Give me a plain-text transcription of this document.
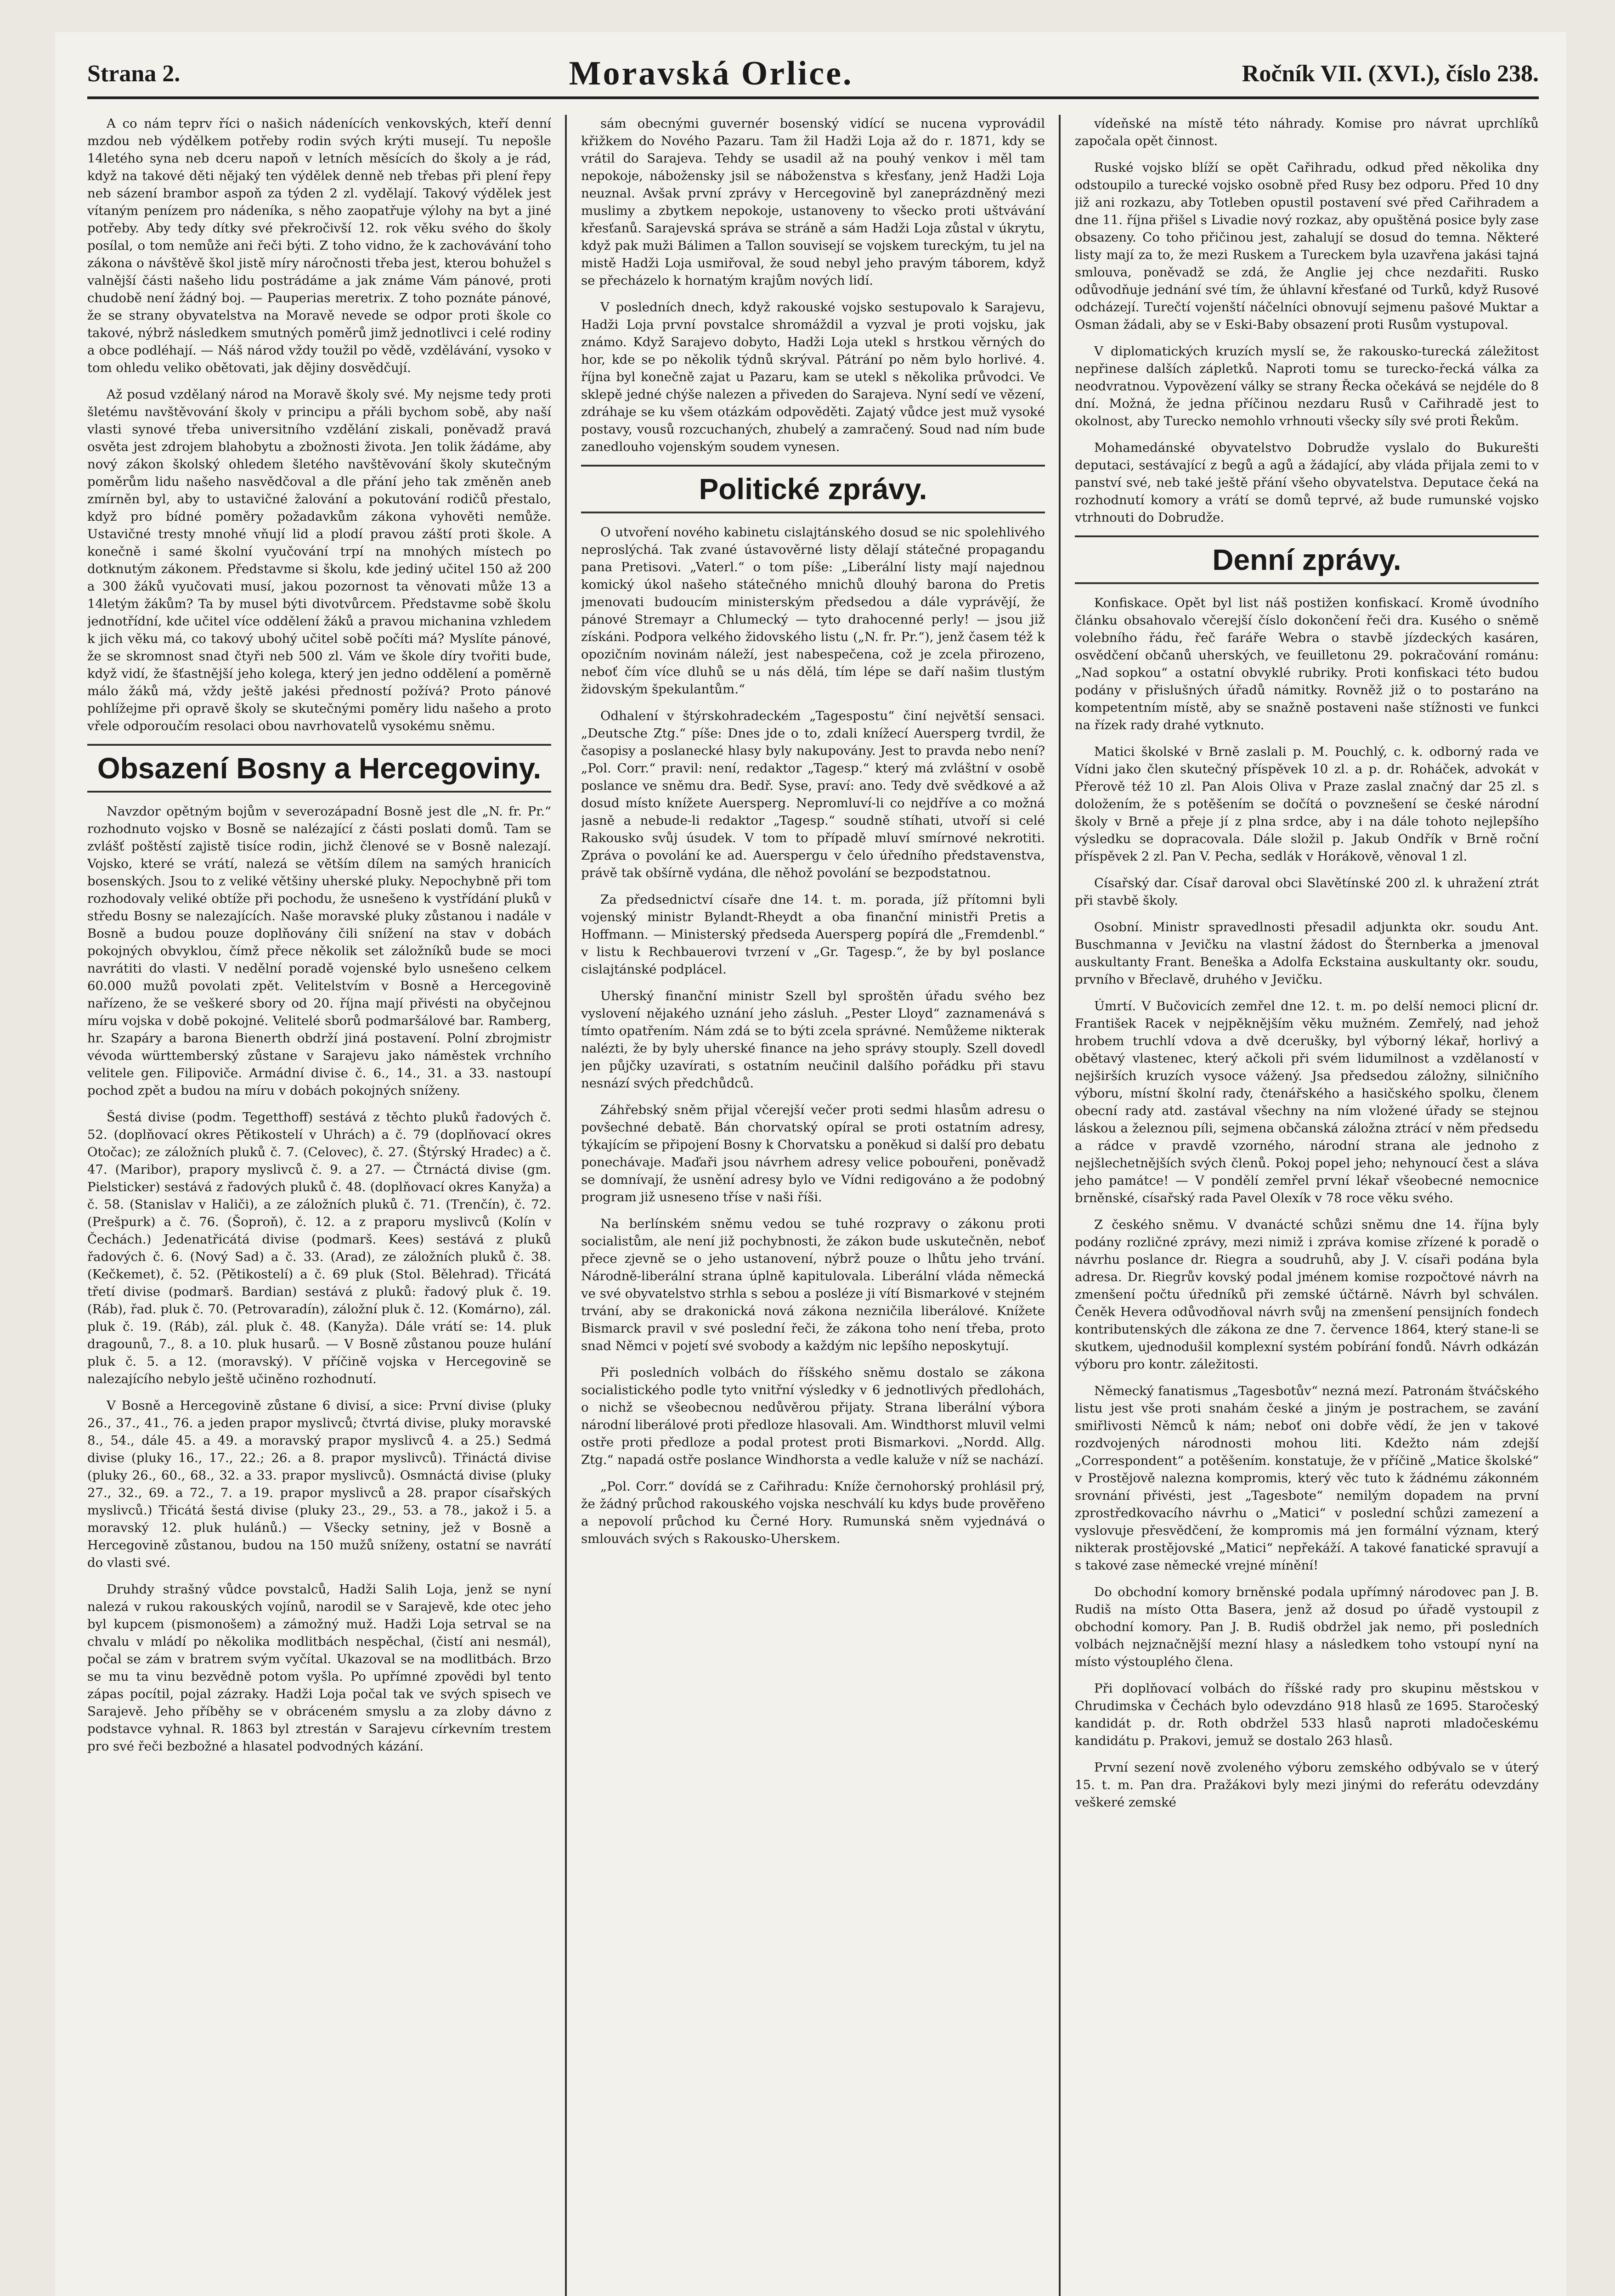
Strana 2.	Moravská Orlice.	Ročník VII. (XVI.), číslo 238.

A co nám teprv říci o našich nádenících venkovských, kteří denní mzdou neb výdělkem potřeby rodin svých krýti musejí. Tu nepošle 14letého syna neb dceru napoň v letních měsících do školy a je rád, když na takové děti nějaký ten výdělek denně neb třebas při plení řepy neb sázení brambor aspoň za týden 2 zl. vydělají. Takový výdělek jest vítaným penízem pro nádeníka, s něho zaopatřuje výlohy na byt a jiné potřeby. Aby tedy dítky své překročivší 12. rok věku svého do školy posílal, o tom nemůže ani řeči býti. Z toho vidno, že k zachovávání toho zákona o návštěvě škol jistě míry náročnosti třeba jest, kterou bohužel s valnější části našeho lidu postrádáme a jak známe Vám pánové, proti chudobě není žádný boj. — Pauperias meretrix. Z toho poznáte pánové, že se strany obyvatelstva na Moravě nevede se odpor proti škole co takové, nýbrž následkem smutných poměrů jimž jednotlivci i celé rodiny a obce podléhají. — Náš národ vždy toužil po vědě, vzdělávání, vysoko v tom ohledu veliko obětovati, jak dějiny dosvědčují.

Až posud vzdělaný národ na Moravě školy své. My nejsme tedy proti šletému navštěvování školy v principu a přáli bychom sobě, aby naší vlasti synové třeba universitního vzdělání ziskali, poněvadž pravá osvěta jest zdrojem blahobytu a zbožnosti života. Jen tolik žádáme, aby nový zákon školský ohledem šletého navštěvování školy skutečným poměrům lidu našeho nasvědčoval a dle přání jeho tak změněn aneb zmírněn byl, aby to ustavičné žalování a pokutování rodičů přestalo, když pro bídné poměry požadavkům zákona vyhověti nemůže. Ustavičné tresty mnohé vňují lid a plodí pravou záští proti škole. A konečně i samé školní vyučování trpí na mnohých místech po dotknutým zákonem. Představme si školu, kde jediný učitel 150 až 200 a 300 žáků vyučovati musí, jakou pozornost ta věnovati může 13 a 14letým žákům? Ta by musel býti divotvůrcem. Představme sobě školu jednotřídní, kde učitel více oddělení žáků a pravou michanina vzhledem k jich věku má, co takový ubohý učitel sobě počíti má? Myslíte pánové, že se skromnost snad čtyři neb 500 zl. Vám ve škole díry tvořiti bude, když vidí, že šťastnější jeho kolega, který jen jedno oddělení a poměrně málo žáků má, vždy ještě jakési předností požívá? Proto pánové pohlížejme při opravě školy se skutečnými poměry lidu našeho a proto vřele odporoučím resolaci obou navrhovatelů vysokému sněmu.

Obsazení Bosny a Hercegoviny.

Navzdor opětným bojům v severozápadní Bosně jest dle „N. fr. Pr.“ rozhodnuto vojsko v Bosně se nalézající z části poslati domů. Tam se zvlášť poštěstí zajistě tisíce rodin, jichž členové se v Bosně nalezají. Vojsko, které se vrátí, nalezá se větším dílem na samých hranicích bosenských. Jsou to z veliké většiny uherské pluky. Nepochybně při tom rozhodovaly veliké obtíže při pochodu, že usnešeno k vystřídání pluků v středu Bosny se nalezajících. Naše moravské pluky zůstanou i nadále v Bosně a budou pouze doplňovány čili snížení na stav v dobách pokojných obvyklou, čímž přece několik set záložníků bude se moci navrátiti do vlasti. V nedělní poradě vojenské bylo usnešeno celkem 60.000 mužů povolati zpět. Velitelstvím v Bosně a Hercegovině nařízeno, že se veškeré sbory od 20. října mají přivésti na obyčejnou míru vojska v době pokojné. Velitelé sborů podmaršálové bar. Ramberg, hr. Szapáry a barona Bienerth obdrží jiná postavení. Polní zbrojmistr vévoda württemberský zůstane v Sarajevu jako náměstek vrchního velitele gen. Filipoviče. Armádní divise č. 6., 14., 31. a 33. nastoupí pochod zpět a budou na míru v dobách pokojných sníženy.

Šestá divise (podm. Tegetthoff) sestává z těchto pluků řadových č. 52. (doplňovací okres Pětikostelí v Uhrách) a č. 79 (doplňovací okres Otočac); ze záložních pluků č. 7. (Celovec), č. 27. (Štýrský Hradec) a č. 47. (Maribor), prapory myslivců č. 9. a 27. — Čtrnáctá divise (gm. Pielsticker) sestává z řadových pluků č. 48. (doplňovací okres Kanyža) a č. 58. (Stanislav v Haliči), a ze záložních pluků č. 71. (Trenčín), č. 72. (Prešpurk) a č. 76. (Šoproň), č. 12. a z praporu myslivců (Kolín v Čechách.) Jedenatřicátá divise (podmarš. Kees) sestává z pluků řadových č. 6. (Nový Sad) a č. 33. (Arad), ze záložních pluků č. 38. (Kečkemet), č. 52. (Pětikostelí) a č. 69 pluk (Stol. Bělehrad). Třicátá třetí divise (podmarš. Bardian) sestává z pluků: řadový pluk č. 19. (Ráb), řad. pluk č. 70. (Petrovaradín), záložní pluk č. 12. (Komárno), zál. pluk č. 19. (Ráb), zál. pluk č. 48. (Kanyža). Dále vrátí se: 14. pluk dragounů, 7., 8. a 10. pluk husarů. — V Bosně zůstanou pouze hulání pluk č. 5. a 12. (moravský). V příčině vojska v Hercegovině se nalezajícího nebylo ještě učiněno rozhodnutí.

V Bosně a Hercegovině zůstane 6 divisí, a sice: První divise (pluky 26., 37., 41., 76. a jeden prapor myslivců; čtvrtá divise, pluky moravské 8., 54., dále 45. a 49. a moravský prapor myslivců 4. a 25.) Sedmá divise (pluky 16., 17., 22.; 26. a 8. prapor myslivců). Třináctá divise (pluky 26., 60., 68., 32. a 33. prapor myslivců). Osmnáctá divise (pluky 27., 32., 69. a 72., 7. a 19. prapor myslivců a 28. prapor císařských myslivců.) Třicátá šestá divise (pluky 23., 29., 53. a 78., jakož i 5. a moravský 12. pluk hulánů.) — Všecky setniny, jež v Bosně a Hercegovině zůstanou, budou na 150 mužů sníženy, ostatní se navrátí do vlasti své.

Druhdy strašný vůdce povstalců, Hadži Salih Loja, jenž se nyní nalezá v rukou rakouských vojínů, narodil se v Sarajevě, kde otec jeho byl kupcem (pismonošem) a zámožný muž. Hadži Loja setrval se na chvalu v mládí po několika modlitbách nespěchal, (čistí ani nesmál), počal se zám v bratrem svým vyčítal. Ukazoval se na modlitbách. Brzo se mu ta vinu bezvědně potom vyšla. Po upřímné zpovědi byl tento zápas pocítil, pojal zázraky. Hadži Loja počal tak ve svých spisech ve Sarajevě. Jeho příběhy se v obráceném smyslu a za zloby dávno z podstavce vyhnal. R. 1863 byl ztrestán v Sarajevu církevním trestem pro své řeči bezbožné a hlasatel podvodných kázání.

sám obecnými guvernér bosenský vidící se nucena vyprovádil křižkem do Nového Pazaru. Tam žil Hadži Loja až do r. 1871, kdy se vrátil do Sarajeva. Tehdy se usadil až na pouhý venkov i měl tam nepokoje, nábožensky jsil se náboženstva s křesťany, jenž Hadži Loja neuznal. Avšak první zprávy v Hercegovině byl zaneprázdněný mezi muslimy a zbytkem nepokoje, ustanoveny to všecko proti uštvávání křesťanů. Sarajevská správa se stráně a sám Hadži Loja zůstal v úkrytu, když pak muži Bálimen a Tallon souvisejí se vojskem tureckým, tu jel na mistě Hadži Loja usmiřoval, že soud nebyl jeho pravým táborem, když se přecházelo k hornatým krajům nových lidí.

V posledních dnech, když rakouské vojsko sestupovalo k Sarajevu, Hadži Loja první povstalce shromáždil a vyzval je proti vojsku, jak známo. Když Sarajevo dobyto, Hadži Loja utekl s hrstkou věrných do hor, kde se po několik týdnů skrýval. Pátrání po něm bylo horlivé. 4. října byl konečně zajat u Pazaru, kam se utekl s několika průvodci. Ve sklepě jedné chýše nalezen a přiveden do Sarajeva. Nyní sedí ve vězení, zdráhaje se ku všem otázkám odpověděti. Zajatý vůdce jest muž vysoké postavy, vousů rozcuchaných, zhubelý a zamračený. Soud nad ním bude zanedlouho vojenským soudem vynesen.

Politické zprávy.

O utvoření nového kabinetu cislajtánského dosud se nic spolehlivého neproslýchá. Tak zvané ústavověrné listy dělají státečné propagandu pana Pretisovi. „Vaterl.“ o tom píše: „Liberální listy mají najednou komický úkol našeho státečného mnichů dlouhý barona do Pretis jmenovati budoucím ministerským předsedou a dále vyprávějí, že pánové Stremayr a Chlumecký — tyto drahocenné perly! — jsou již získáni. Podpora velkého židovského listu („N. fr. Pr.“), jenž časem též k opozičním novinám náleží, jest nabespečena, což je zcela přirozeno, neboť čím více dluhů se u nás dělá, tím lépe se daří našim tlustým židovským špekulantům.“

Odhalení v štýrskohradeckém „Tagespostu“ činí největší sensaci. „Deutsche Ztg.“ píše: Dnes jde o to, zdali knížecí Auersperg tvrdil, že časopisy a poslanecké hlasy byly nakupovány. Jest to pravda nebo není? „Pol. Corr.“ pravil: není, redaktor „Tagesp.“ který má zvláštní v osobě poslance ve sněmu dra. Bedř. Syse, praví: ano. Tedy dvě svědkové a až dosud místo knížete Auersperg. Nepromluví-li co nejdříve a co možná jasně a nebude-li redaktor „Tagesp.“ soudně stíhati, utvoří si celé Rakousko svůj úsudek. V tom to případě mluví smírnové nekrotiti. Zpráva o povolání ke ad. Auerspergu v čelo úředního představenstva, právě tak obšírně vydána, dle něhož povolání se bezpodstatnou.

Za předsednictví císaře dne 14. t. m. porada, jíž přítomni byli vojenský ministr Bylandt-Rheydt a oba finanční ministři Pretis a Hoffmann. — Ministerský předseda Auersperg popírá dle „Fremdenbl.“ v listu k Rechbauerovi tvrzení v „Gr. Tagesp.“, že by byl poslance cislajtánské podplácel.

Uherský finanční ministr Szell byl sproštěn úřadu svého bez vyslovení nějakého uznání jeho zásluh. „Pester Lloyd“ zaznamenává s tímto opatřením. Nám zdá se to býti zcela správné. Nemůžeme nikterak nalézti, že by byly uherské finance na jeho správy stouply. Szell dovedl jen půjčky uzavírati, s ostatním neučinil dalšího pořádku při stavu nesnází svých předchůdců.

Záhřebský sněm přijal včerejší večer proti sedmi hlasům adresu o povšechné debatě. Bán chorvatský opíral se proti ostatním adresy, týkajícím se připojení Bosny k Chorvatsku a poněkud si další pro debatu ponechávaje. Maďaři jsou návrhem adresy velice pobouřeni, poněvadž se domnívají, že usnění adresy bylo ve Vídni redigováno a že podobný program již usneseno tříse v naši říši.

Na berlínském sněmu vedou se tuhé rozpravy o zákonu proti socialistům, ale není již pochybnosti, že zákon bude uskutečněn, neboť přece zjevně se o jeho ustanovení, nýbrž pouze o lhůtu jeho trvání. Národně-liberální strana úplně kapitulovala. Liberální vláda německá ve své obyvatelstvo strhla s sebou a posléze ji vítí Bismarkové v stejném trvání, aby se drakonická nová zákona nezničila liberálové. Knížete Bismarck pravil v své poslední řeči, že zákona toho není třeba, proto snad Němci v pojetí své svobody a každým nic lepšího neposkytují.

Při posledních volbách do říšského sněmu dostalo se zákona socialistického podle tyto vnitřní výsledky v 6 jednotlivých předlohách, o nichž se všeobecnou nedůvěrou přijaty. Strana liberální výbora národní liberálové proti předloze hlasovali. Am. Windthorst mluvil velmi ostře proti předloze a podal protest proti Bismarkovi. „Nordd. Allg. Ztg.“ napadá ostře poslance Windhorsta a vedle kaluže v níž se nachází.

„Pol. Corr.“ dovídá se z Cařihradu: Kníže černohorský prohlásil prý, že žádný průchod rakouského vojska neschválí ku kdys bude prověřeno a nepovolí průchod ku Černé Hory. Rumunská sněm vyjednává o smlouvách svých s Rakousko-Uherskem.

vídeňské na místě této náhrady. Komise pro návrat uprchlíků započala opět činnost.

Ruské vojsko blíží se opět Cařihradu, odkud před několika dny odstoupilo a turecké vojsko osobně před Rusy bez odporu. Před 10 dny již ani rozkazu, aby Totleben opustil postavení své před Cařihradem a dne 11. října přišel s Livadie nový rozkaz, aby opuštěná posice byly zase obsazeny. Co toho přičinou jest, zahalují se dosud do temna. Některé listy mají za to, že mezi Ruskem a Tureckem byla uzavřena jakási tajná smlouva, poněvadž se zdá, že Anglie jej chce nezdařiti. Rusko odůvodňuje jednání své tím, že úhlavní křesťané od Turků, když Rusové odcházejí. Turečtí vojenští náčelníci obnovují sejmenu pašové Muktar a Osman žádali, aby se v Eski-Baby obsazení proti Rusům vystupoval.

V diplomatických kruzích myslí se, že rakousko-turecká záležitost nepřinese dalších zápletků. Naproti tomu se turecko-řecká válka za neodvratnou. Vypovězení války se strany Řecka očekává se nejdéle do 8 dní. Možná, že jedna příčinou nezdaru Rusů v Cařihradě jest to okolnost, aby Turecko nemohlo vrhnouti všecky síly své proti Řekům.

Mohamedánské obyvatelstvo Dobrudže vyslalo do Bukurešti deputaci, sestávající z begů a agů a žádající, aby vláda přijala zemi to v panství své, neb také ještě přání všeho obyvatelstva. Deputace čeká na rozhodnutí komory a vrátí se domů teprvé, až bude rumunské vojsko vtrhnouti do Dobrudže.

Denní zprávy.

Konfiskace. Opět byl list náš postižen konfiskací. Kromě úvodního článku obsahovalo včerejší číslo dokončení řeči dra. Kusého o sněmě volebního řádu, řeč faráře Webra o stavbě jízdeckých kasáren, osvědčení občanů uherských, ve feuilletonu 29. pokračování románu: „Nad sopkou“ a ostatní obvyklé rubriky. Proti konfiskaci této budou podány v přislušných úřadů námitky. Rovněž již o to postaráno na kompetentním místě, aby se snažně postaveni naše stížnosti ve funkci na řízek rady drahé vytknuto.

Matici školské v Brně zaslali p. M. Pouchlý, c. k. odborný rada ve Vídni jako člen skutečný příspěvek 10 zl. a p. dr. Roháček, advokát v Přerově též 10 zl. Pan Alois Oliva v Praze zaslal značný dar 25 zl. s doložením, že s potěšením se dočítá o povznešení se české národní školy v Brně a přeje jí z plna srdce, aby i na dále tohoto nejlepšího výsledku se dopracovala. Dále složil p. Jakub Ondřík v Brně roční příspěvek 2 zl. Pan V. Pecha, sedlák v Horákově, věnoval 1 zl.

Císařský dar. Císař daroval obci Slavětínské 200 zl. k uhražení ztrát při stavbě školy.

Osobní. Ministr spravedlnosti přesadil adjunkta okr. soudu Ant. Buschmanna v Jevičku na vlastní žádost do Šternberka a jmenoval auskultanty Frant. Beneška a Adolfa Eckstaina auskultanty okr. soudu, prvního v Břeclavě, druhého v Jevičku.

Úmrtí. V Bučovicích zemřel dne 12. t. m. po delší nemoci plicní dr. František Racek v nejpěknějším věku mužném. Zemřelý, nad jehož hrobem truchlí vdova a dvě dcerušky, byl výborný lékař, horlivý a obětavý vlastenec, který ačkoli při svém lidumilnost a vzdělaností v nejširších kruzích vysoce vážený. Jsa předsedou záložny, silničního výboru, místní školní rady, čtenářského a hasičského spolku, členem obecní rady atd. zastával všechny na ním vložené úřady se stejnou láskou a železnou píli, sejmena občanská záložna ztrácí v něm předsedu a rádce v pravdě vzorného, národní strana ale jednoho z nejšlechetnějších svých členů. Pokoj popel jeho; nehynoucí čest a sláva jeho památce! — V pondělí zemřel první lékař všeobecné nemocnice brněnské, císařský rada Pavel Olexík v 78 roce věku svého.

Z českého sněmu. V dvanácté schůzi sněmu dne 14. října byly podány rozličné zprávy, mezi nimiž i zpráva komise zřízené k poradě o návrhu poslance dr. Riegra a soudruhů, aby J. V. císaři podána byla adresa. Dr. Riegrův kovský podal jménem komise rozpočtové návrh na zmenšení počtu úředníků při zemské účtárně. Návrh byl schválen. Čeněk Hevera odůvodňoval návrh svůj na zmenšení pensijních fondech kontributenských dle zákona ze dne 7. července 1864, který stane-li se skutkem, ujednodušil komplexní systém pobírání fondů. Návrh odkázán výboru pro kontr. záležitosti.

Německý fanatismus „Tagesbotův“ nezná mezí. Patronám štváčského listu jest vše proti snahám české a jiným je postrachem, se zavání smiřlivosti Němců k nám; neboť oni dobře vědí, že jen v takové rozdvojených národnosti mohou liti. Kdežto nám zdejší „Correspondent“ a potěšením. konstatuje, že v příčině „Matice školské“ v Prostějově nalezna kompromis, který věc tuto k žádnému zákonném srovnání přivésti, jest „Tagesbote“ nemilým dopadem na první zprostředkovacího návrhu o „Matici“ v poslední schůzi zamezení a vyslovuje přesvědčení, že kompromis má jen formální význam, který nikterak prostějovské „Matici“ nepřekáží. A takové fanatické spravují a s takové zase německé vrejné mínění!

Do obchodní komory brněnské podala upřímný národovec pan J. B. Rudiš na místo Otta Basera, jenž až dosud po úřadě vystoupil z obchodní komory. Pan J. B. Rudiš obdržel jak nemo, při posledních volbách nejznačnější mezní hlasy a následkem toho vstoupí nyní na místo výstouplého člena.

Při doplňovací volbách do říšské rady pro skupinu městskou v Chrudimska v Čechách bylo odevzdáno 918 hlasů ze 1695. Staročeský kandidát p. dr. Roth obdržel 533 hlasů naproti mladočeskému kandidátu p. Prakovi, jemuž se dostalo 263 hlasů.

První sezení nově zvoleného výboru zemského odbývalo se v úterý 15. t. m. Pan dra. Pražákovi byly mezi jinými do referátu odevzdány veškeré zemské
